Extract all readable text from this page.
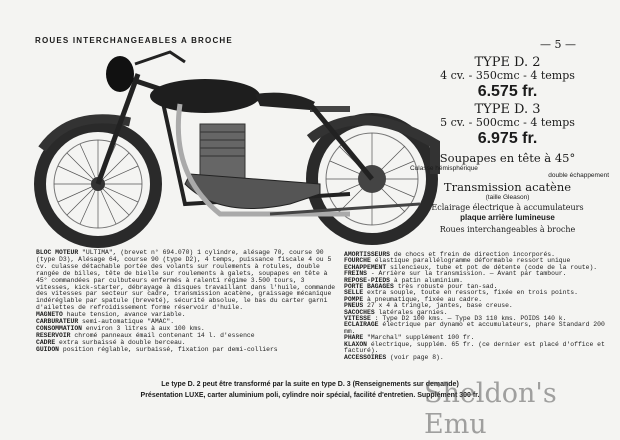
ROUES INTERCHANGEABLES A BROCHE	— 5 —
TYPE D. 2
4 cv. - 350cmc - 4 temps
6.575 fr.
TYPE D. 3
5 cv. - 500cmc - 4 temps
6.975 fr.
Soupapes en tête à 45°
Culasse hémisphérique
double échappement
Transmission acatène
(taille Gleason)
Eclairage électrique à accumulateurs
plaque arrière lumineuse
Roues interchangeables à broche

BLOC MOTEUR "ULTIMA", (brevet n° 694.070) 1 cylindre, alésage 70, course 90 (type D3), Alésage 64, course 90 (type D2), 4 temps, puissance fiscale 4 ou 5 cv. culasse détachable portée des volants sur roulements à rotules, double rangée de billes, tête de bielle sur roulements à galets, soupapes en tête à 45° commandées par culbuteurs enfermés à ralenti régime 3.500 tours, 3 vitesses, kick-starter, débrayage à disques travaillant dans l'huile, commande des vitesses par secteur sur cadre, transmission acatène, graissage mécanique indéréglable par spatule (breveté), sécurité absolue, le bas du carter garni d'ailettes de refroidissement forme réservoir d'huile.

MAGNETO haute tension, avance variable.

CARBURATEUR semi-automatique "AMAC".

CONSOMMATION environ 3 litres à aux 100 kms.

RESERVOIR chromé panneaux émail contenant 14 l. d'essence

CADRE extra surbaissé à double berceau.

GUIDON position réglable, surbaissé, fixation par demi-colliers

AMORTISSEURS de chocs et frein de direction incorporés.

FOURCHE élastique parallélogramme déformable ressort unique

ECHAPPEMENT silencieux, tube et pot de détente (code de la route).

FREINS - Arrière sur la transmission. — Avant par tambour.

REPOSE-PIEDS à patin aluminium.

PORTE BAGAGES très robuste pour tan-sad.

SELLE extra souple, toute en ressorts, fixée en trois points.

POMPE à pneumatique, fixée au cadre.

PNEUS 27 x 4 à tringle, jantes, base creuse.

SACOCHES latérales garnies.

VITESSE : Type D2 100 kms. — Type D3 110 kms. POIDS 140 k.

ECLAIRAGE électrique par dynamo et accumulateurs, phare Standard 200 mm.

PHARE "Marchal" supplément 100 fr.

KLAXON électrique, supplém. 65 fr. (ce dernier est placé d'office et facturé).

ACCESSOIRES (voir page 8).

Le type D. 2 peut être transformé par la suite en type D. 3 (Renseignements sur demande)
Présentation LUXE, carter aluminium poli, cylindre noir spécial, facilité d'entretien. Supplément 300 fr.
Sheldon's Emu
